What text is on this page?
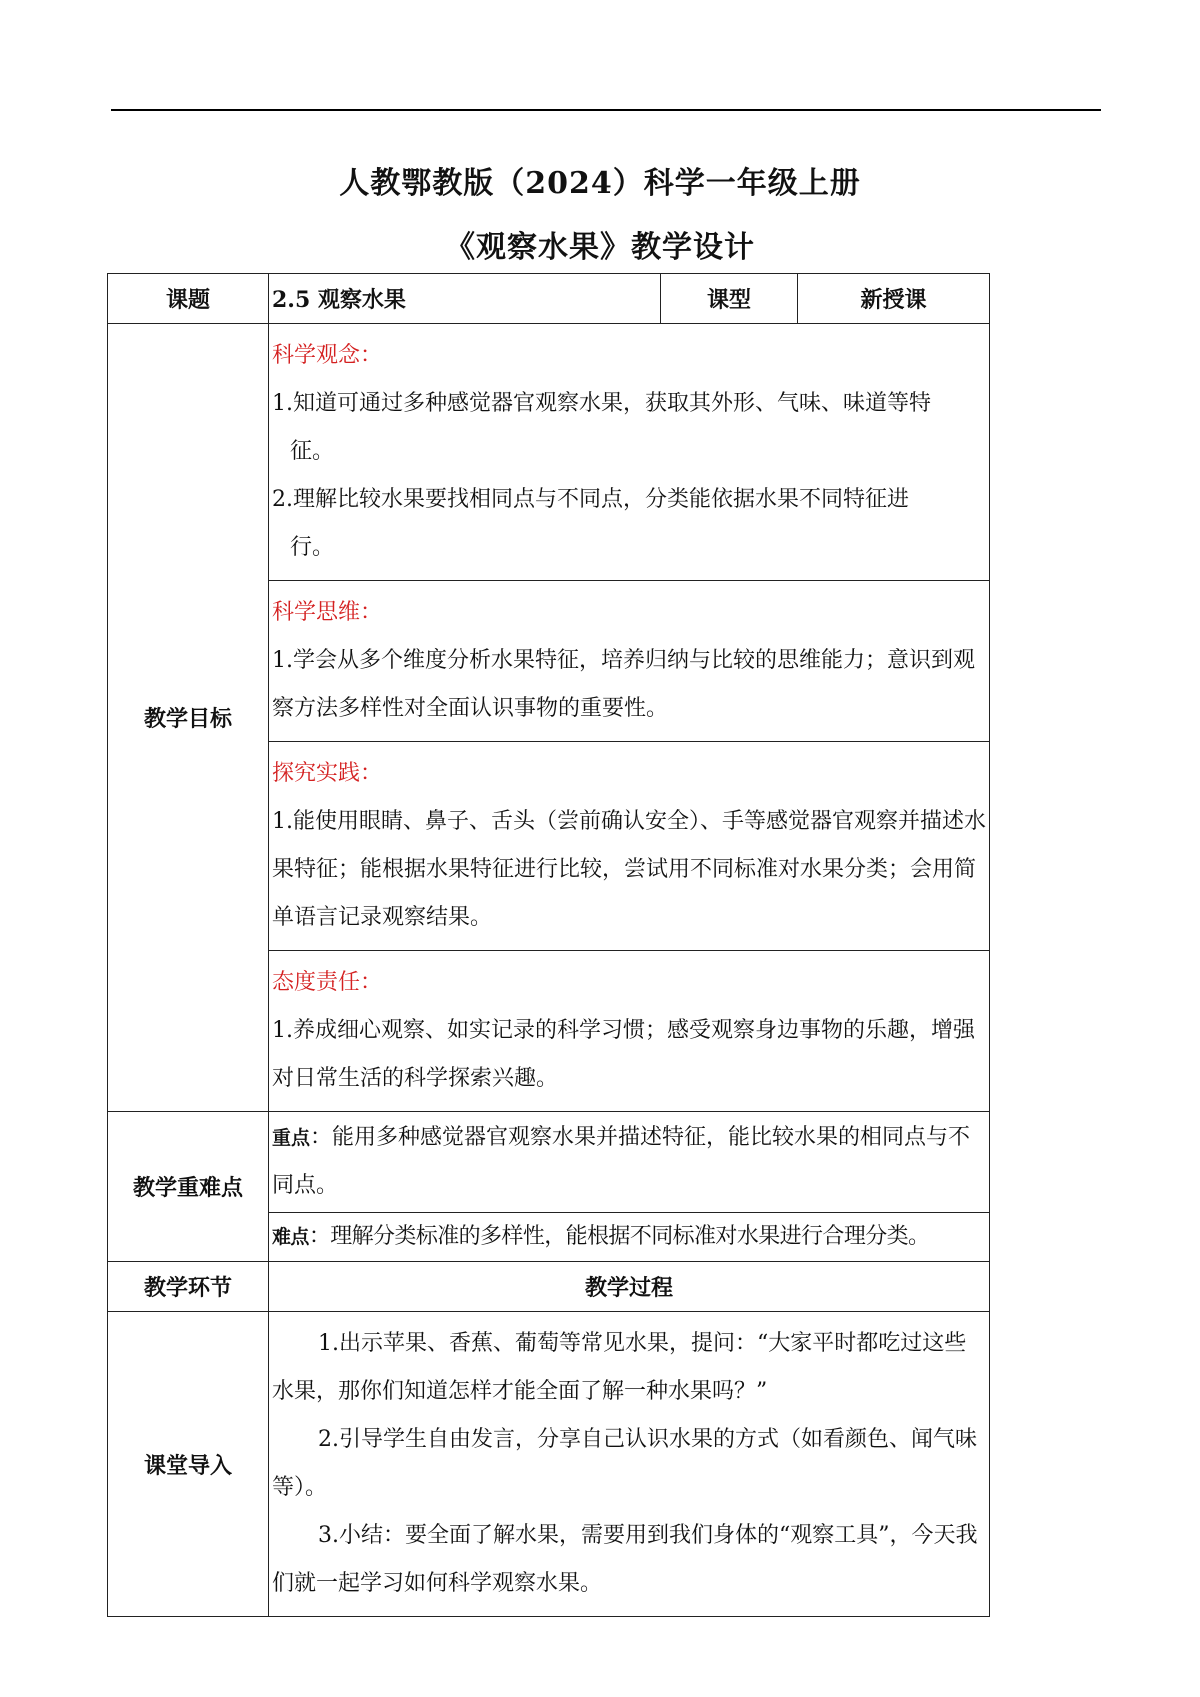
人教鄂教版（2024）科学一年级上册
《观察水果》教学设计
课题	2.5 观察水果	课型	新授课
教学目标	科学观念：
1.知道可通过多种感觉器官观察水果，获取其外形、气味、味道等特
征。
2.理解比较水果要找相同点与不同点，分类能依据水果不同特征进
行。		

	科学思维：
1.学会从多个维度分析水果特征，培养归纳与比较的思维能力；意识到观察方法多样性对全面认识事物的重要性。		

	探究实践：
1.能使用眼睛、鼻子、舌头（尝前确认安全）、手等感觉器官观察并描述水果特征；能根据水果特征进行比较，尝试用不同标准对水果分类；会用简单语言记录观察结果。		

	态度责任：
1.养成细心观察、如实记录的科学习惯；感受观察身边事物的乐趣，增强对日常生活的科学探索兴趣。		

教学重难点	重点：能用多种感觉器官观察水果并描述特征，能比较水果的相同点与不同点。		
	难点：理解分类标准的多样性，能根据不同标准对水果进行合理分类。		
教学环节	教学过程		
课堂导入	1.出示苹果、香蕉、葡萄等常见水果，提问：“大家平时都吃过这些水果，那你们知道怎样才能全面了解一种水果吗？”
2.引导学生自由发言，分享自己认识水果的方式（如看颜色、闻气味等）。
3.小结：要全面了解水果，需要用到我们身体的“观察工具”，今天我们就一起学习如何科学观察水果。		
